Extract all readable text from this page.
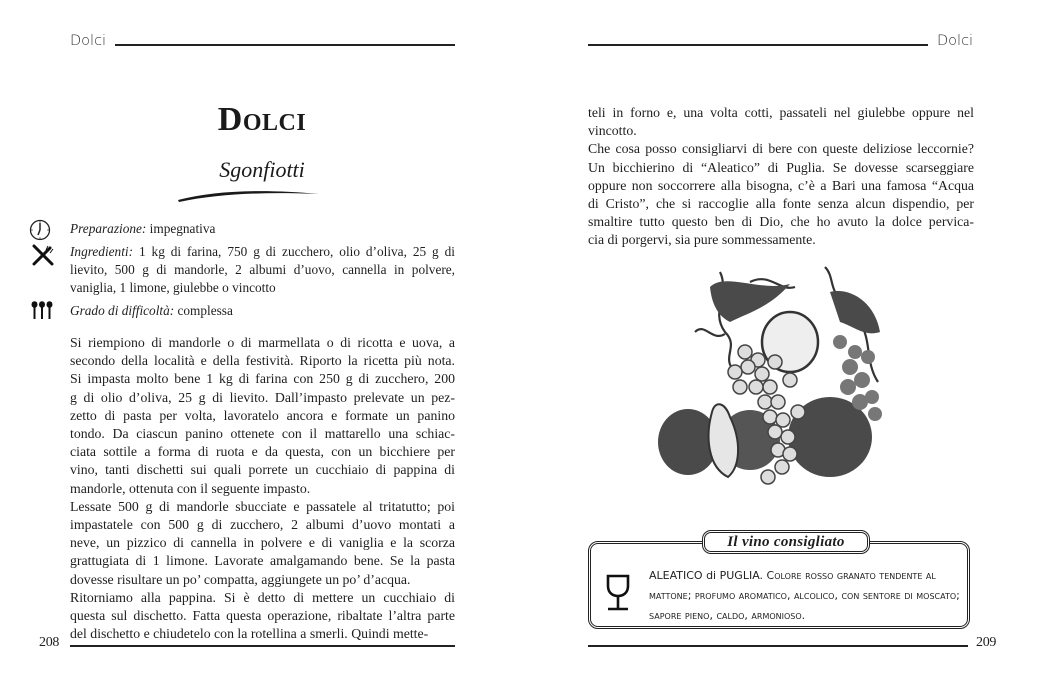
Dolci
Dolci
Sgonfiotti
Preparazione: impegnativa
Ingredienti: 1 kg di farina, 750 g di zucchero, olio d’oliva, 25 g di lievito, 500 g di mandorle, 2 albumi d’uovo, cannella in polvere, vaniglia, 1 limone, giulebbe o vincotto
Grado di difficoltà: complessa

Si riempiono di mandorle o di marmellata o di ricotta e uova, a
secondo della località e della festività. Riporto la ricetta più nota.
Si impasta molto bene 1 kg di farina con 250 g di zucchero, 200
g di olio d’oliva, 25 g di lievito. Dall’impasto prelevate un pez-
zetto di pasta per volta, lavoratelo ancora e formate un panino
tondo. Da ciascun panino ottenete con il mattarello una schiac-
ciata sottile a forma di ruota e da questa, con un bicchiere per
vino, tanti dischetti sui quali porrete un cucchiaio di pappina di
mandorle, ottenuta con il seguente impasto.

Lessate 500 g di mandorle sbucciate e passatele al tritatutto; poi
impastatele con 500 g di zucchero, 2 albumi d’uovo montati a
neve, un pizzico di cannella in polvere e di vaniglia e la scorza
grattugiata di 1 limone. Lavorate amalgamando bene. Se la pasta
dovesse risultare un po’ compatta, aggiungete un po’ d’acqua.

Ritorniamo alla pappina. Si è detto di mettere un cucchiaio di
questa sul dischetto. Fatta questa operazione, ribaltate l’altra parte
del dischetto e chiudetelo con la rotellina a smerli. Quindi mette-

208
Dolci

teli in forno e, una volta cotti, passateli nel giulebbe oppure nel
vincotto.

Che cosa posso consigliarvi di bere con queste deliziose leccornie?
Un bicchierino di “Aleatico” di Puglia. Se dovesse scarseggiare
oppure non soccorrere alla bisogna, c’è a Bari una famosa “Acqua
di Cristo”, che si raccoglie alla fonte senza alcun dispendio, per
smaltire tutto questo ben di Dio, che ho avuto la dolce pervica-
cia di porgervi, sia pure sommessamente.

Il vino consigliato
ALEATICO di PUGLIA. Colore rosso granato tendente al
mattone; profumo aromatico, alcolico, con sentore di moscato;
sapore pieno, caldo, armonioso.
209
